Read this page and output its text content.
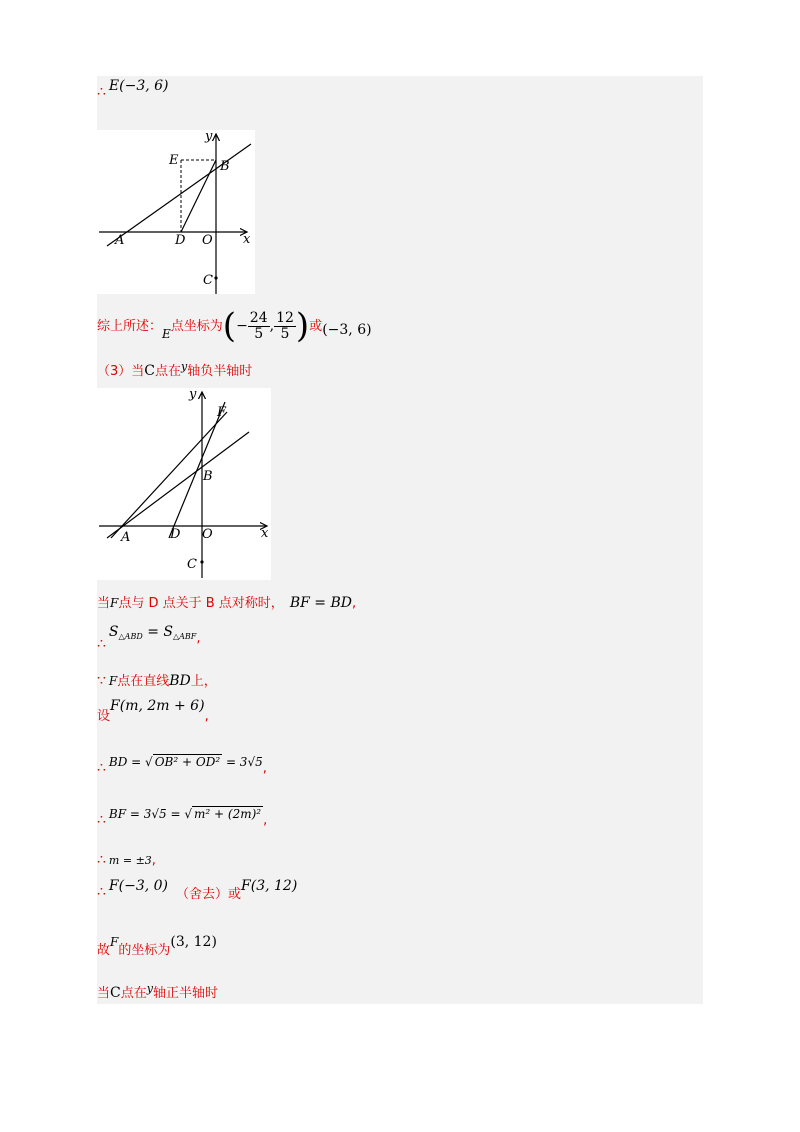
∴ E(−3, 6)
y
x
E	B
A	D O
C
综上所述：E点坐标为(− $\frac{24}{5}$ , $\frac{12}{5}$ )或(−3, 6)
（3）当C点在$^y$轴负半轴时
y
x
F
B
A	D O
C
当F点与 D 点关于 B 点对称时， BF = BD,
$\therefore S_{\triangle ABD} = S_{\triangle ABF}$,
∵ F点在直线BD上，
设F(m, 2m + 6),
∴ BD = √ OB² + OD² = 3√5,
∴ BF = 3√5 = √ m² + (2m)² ,
∴ m = ±3,
∴ F(−3, 0)（舍去）或F(3, 12)
故F的坐标为(3, 12)
当C点在$^y$轴正半轴时
